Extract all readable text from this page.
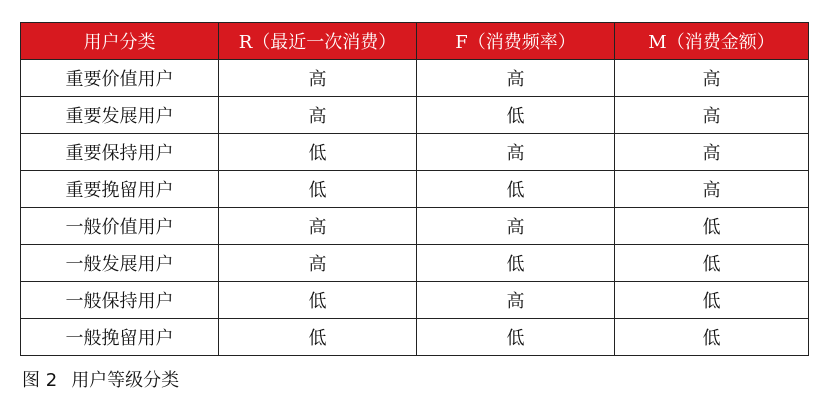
用户分类	R（最近一次消费）	F（消费频率）	M（消费金额）
重要价值用户	高	高	高
重要发展用户	高	低	高
重要保持用户	低	高	高
重要挽留用户	低	低	高
一般价值用户	高	高	低
一般发展用户	高	低	低
一般保持用户	低	高	低
一般挽留用户	低	低	低
图 2 用户等级分类
